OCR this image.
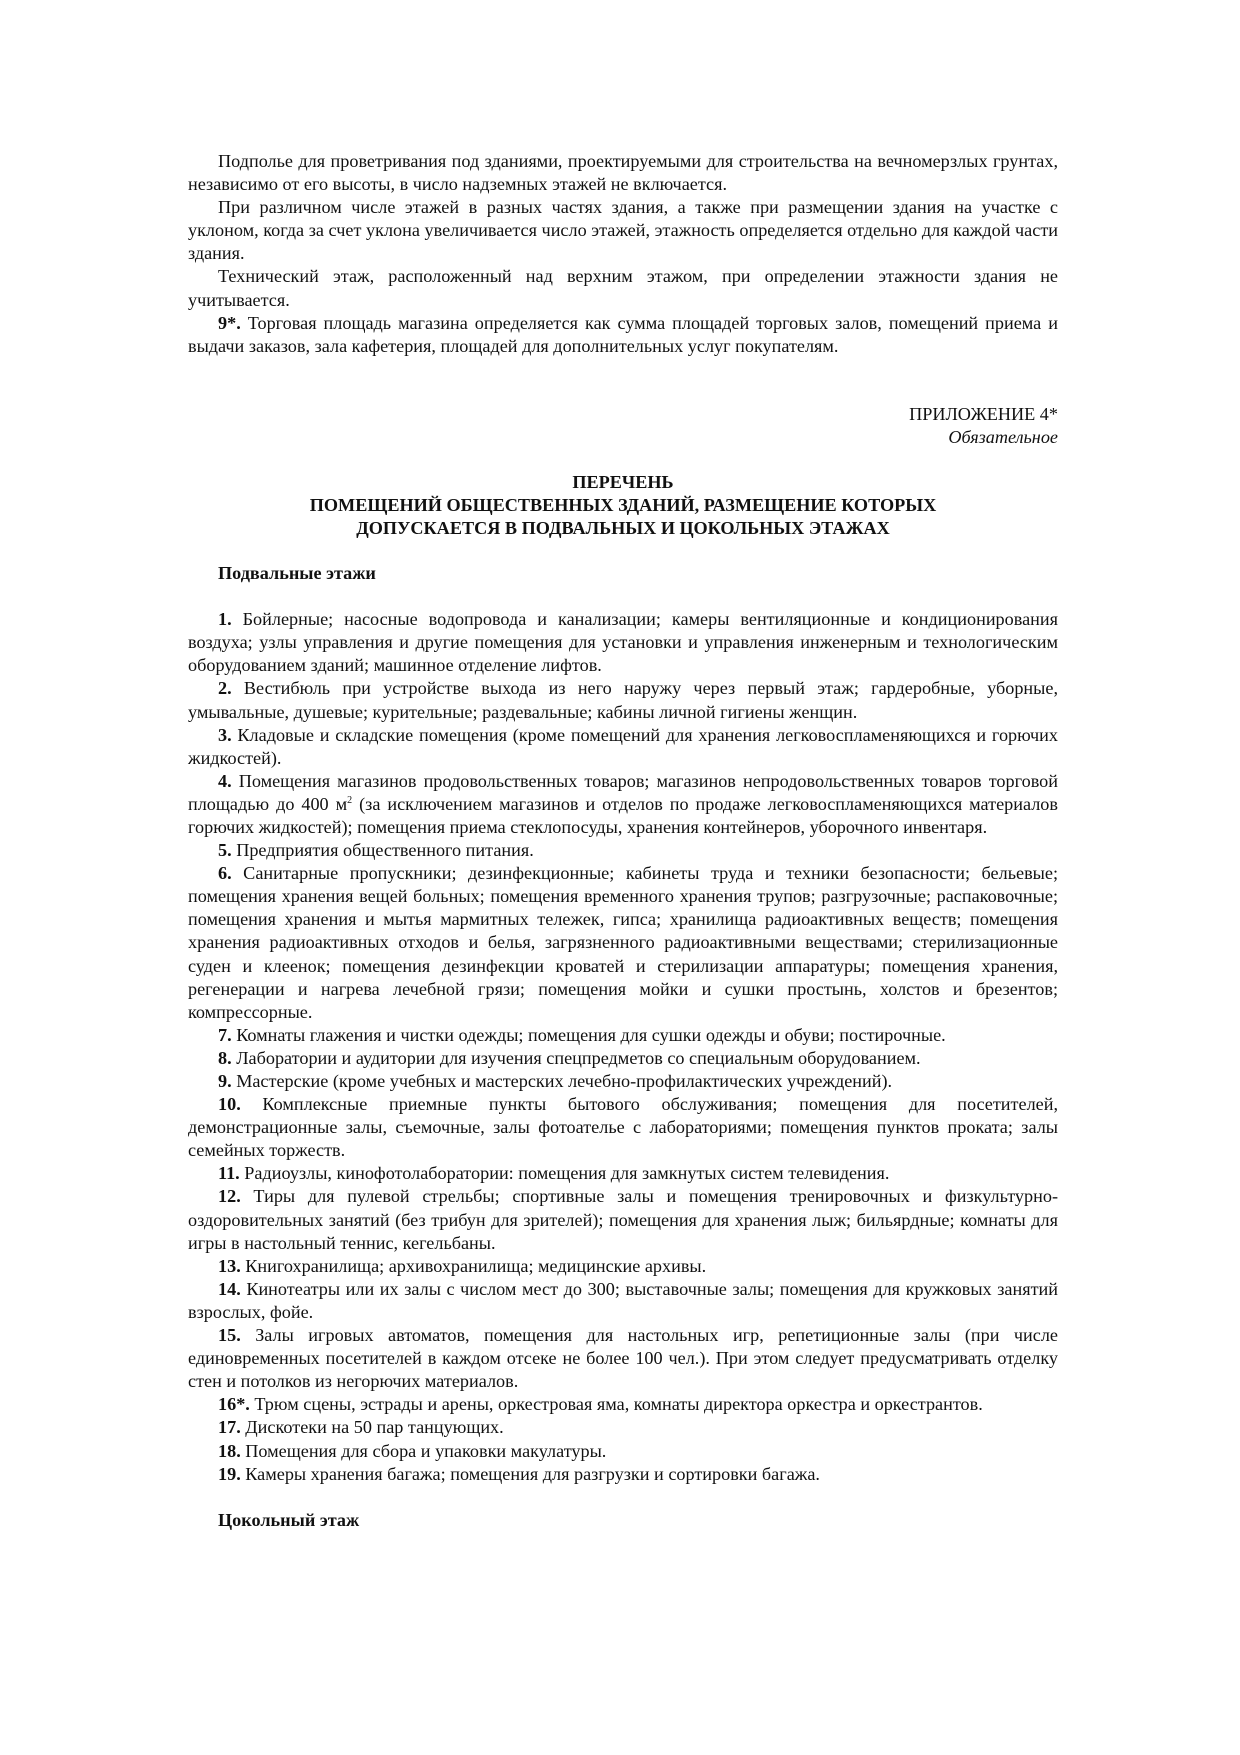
Подполье для проветривания под зданиями, проектируемыми для строительства на вечномерзлых грунтах, независимо от его высоты, в число надземных этажей не включается.

При различном числе этажей в разных частях здания, а также при размещении здания на участке с уклоном, когда за счет уклона увеличивается число этажей, этажность определяется отдельно для каждой части здания.

Технический этаж, расположенный над верхним этажом, при определении этажности здания не учитывается.

9*. Торговая площадь магазина определяется как сумма площадей торговых залов, помещений приема и выдачи заказов, зала кафетерия, площадей для дополнительных услуг покупателям.

ПРИЛОЖЕНИЕ 4*
Обязательное
ПЕРЕЧЕНЬ
ПОМЕЩЕНИЙ ОБЩЕСТВЕННЫХ ЗДАНИЙ, РАЗМЕЩЕНИЕ КОТОРЫХ
ДОПУСКАЕТСЯ В ПОДВАЛЬНЫХ И ЦОКОЛЬНЫХ ЭТАЖАХ
Подвальные этажи

1. Бойлерные; насосные водопровода и канализации; камеры вентиляционные и кондиционирования воздуха; узлы управления и другие помещения для установки и управления инженерным и технологическим оборудованием зданий; машинное отделение лифтов.

2. Вестибюль при устройстве выхода из него наружу через первый этаж; гардеробные, уборные, умывальные, душевые; курительные; раздевальные; кабины личной гигиены женщин.

3. Кладовые и складские помещения (кроме помещений для хранения легковоспламеняющихся и горючих жидкостей).

4. Помещения магазинов продовольственных товаров; магазинов непродовольственных товаров торговой площадью до 400 $м^2$ (за исключением магазинов и отделов по продаже легковоспламеняющихся материалов горючих жидкостей); помещения приема стеклопосуды, хранения контейнеров, уборочного инвентаря.

5. Предприятия общественного питания.

6. Санитарные пропускники; дезинфекционные; кабинеты труда и техники безопасности; бельевые; помещения хранения вещей больных; помещения временного хранения трупов; разгрузочные; распаковочные; помещения хранения и мытья мармитных тележек, гипса; хранилища радиоактивных веществ; помещения хранения радиоактивных отходов и белья, загрязненного радиоактивными веществами; стерилизационные суден и клеенок; помещения дезинфекции кроватей и стерилизации аппаратуры; помещения хранения, регенерации и нагрева лечебной грязи; помещения мойки и сушки простынь, холстов и брезентов; компрессорные.

7. Комнаты глажения и чистки одежды; помещения для сушки одежды и обуви; постирочные.

8. Лаборатории и аудитории для изучения спецпредметов со специальным оборудованием.

9. Мастерские (кроме учебных и мастерских лечебно-профилактических учреждений).

10. Комплексные приемные пункты бытового обслуживания; помещения для посетителей, демонстрационные залы, съемочные, залы фотоателье с лабораториями; помещения пунктов проката; залы семейных торжеств.

11. Радиоузлы, кинофотолаборатории: помещения для замкнутых систем телевидения.

12. Тиры для пулевой стрельбы; спортивные залы и помещения тренировочных и физкультурно-оздоровительных занятий (без трибун для зрителей); помещения для хранения лыж; бильярдные; комнаты для игры в настольный теннис, кегельбаны.

13. Книгохранилища; архивохранилища; медицинские архивы.

14. Кинотеатры или их залы с числом мест до 300; выставочные залы; помещения для кружковых занятий взрослых, фойе.

15. Залы игровых автоматов, помещения для настольных игр, репетиционные залы (при числе единовременных посетителей в каждом отсеке не более 100 чел.). При этом следует предусматривать отделку стен и потолков из негорючих материалов.

16*. Трюм сцены, эстрады и арены, оркестровая яма, комнаты директора оркестра и оркестрантов.

17. Дискотеки на 50 пар танцующих.

18. Помещения для сбора и упаковки макулатуры.

19. Камеры хранения багажа; помещения для разгрузки и сортировки багажа.

Цокольный этаж
